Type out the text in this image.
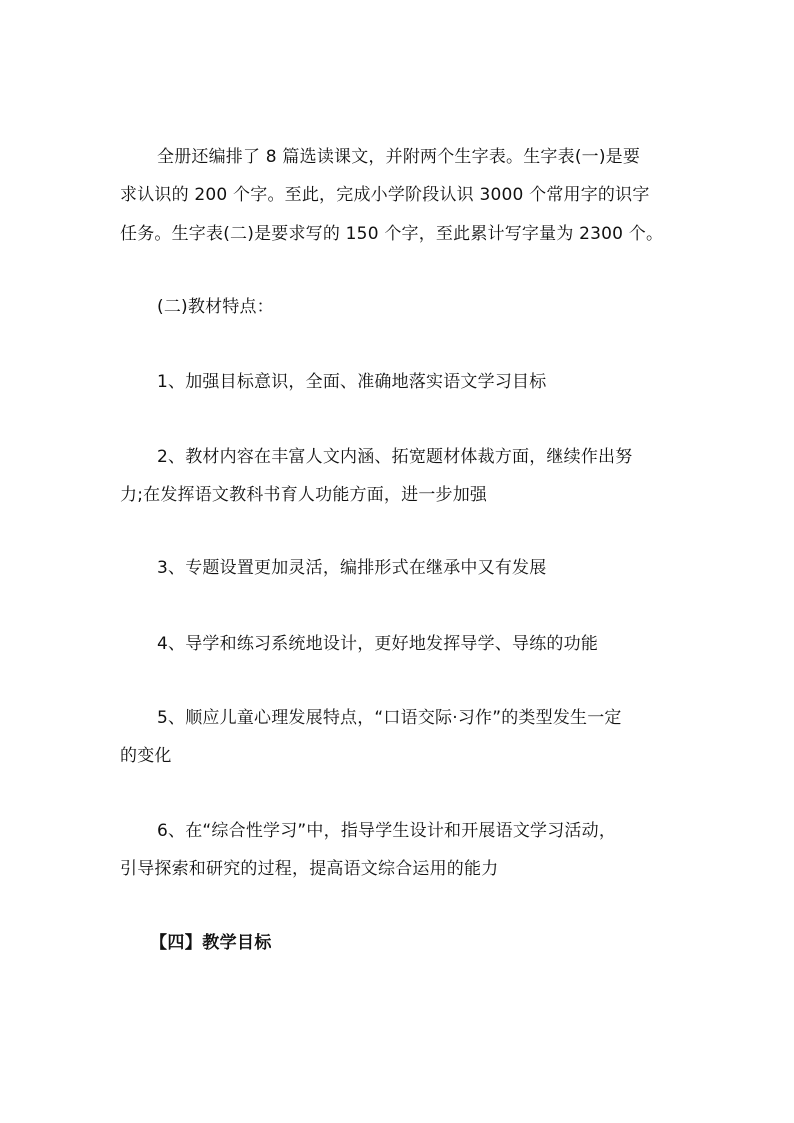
全册还编排了 8 篇选读课文，并附两个生字表。生字表(一)是要
求认识的 200 个字。至此，完成小学阶段认识 3000 个常用字的识字
任务。生字表(二)是要求写的 150 个字，至此累计写字量为 2300 个。
(二)教材特点：
1、加强目标意识，全面、准确地落实语文学习目标
2、教材内容在丰富人文内涵、拓宽题材体裁方面，继续作出努
力;在发挥语文教科书育人功能方面，进一步加强
3、专题设置更加灵活，编排形式在继承中又有发展
4、导学和练习系统地设计，更好地发挥导学、导练的功能
5、顺应儿童心理发展特点，“口语交际·习作”的类型发生一定
的变化
6、在“综合性学习”中，指导学生设计和开展语文学习活动，
引导探索和研究的过程，提高语文综合运用的能力
【四】教学目标
